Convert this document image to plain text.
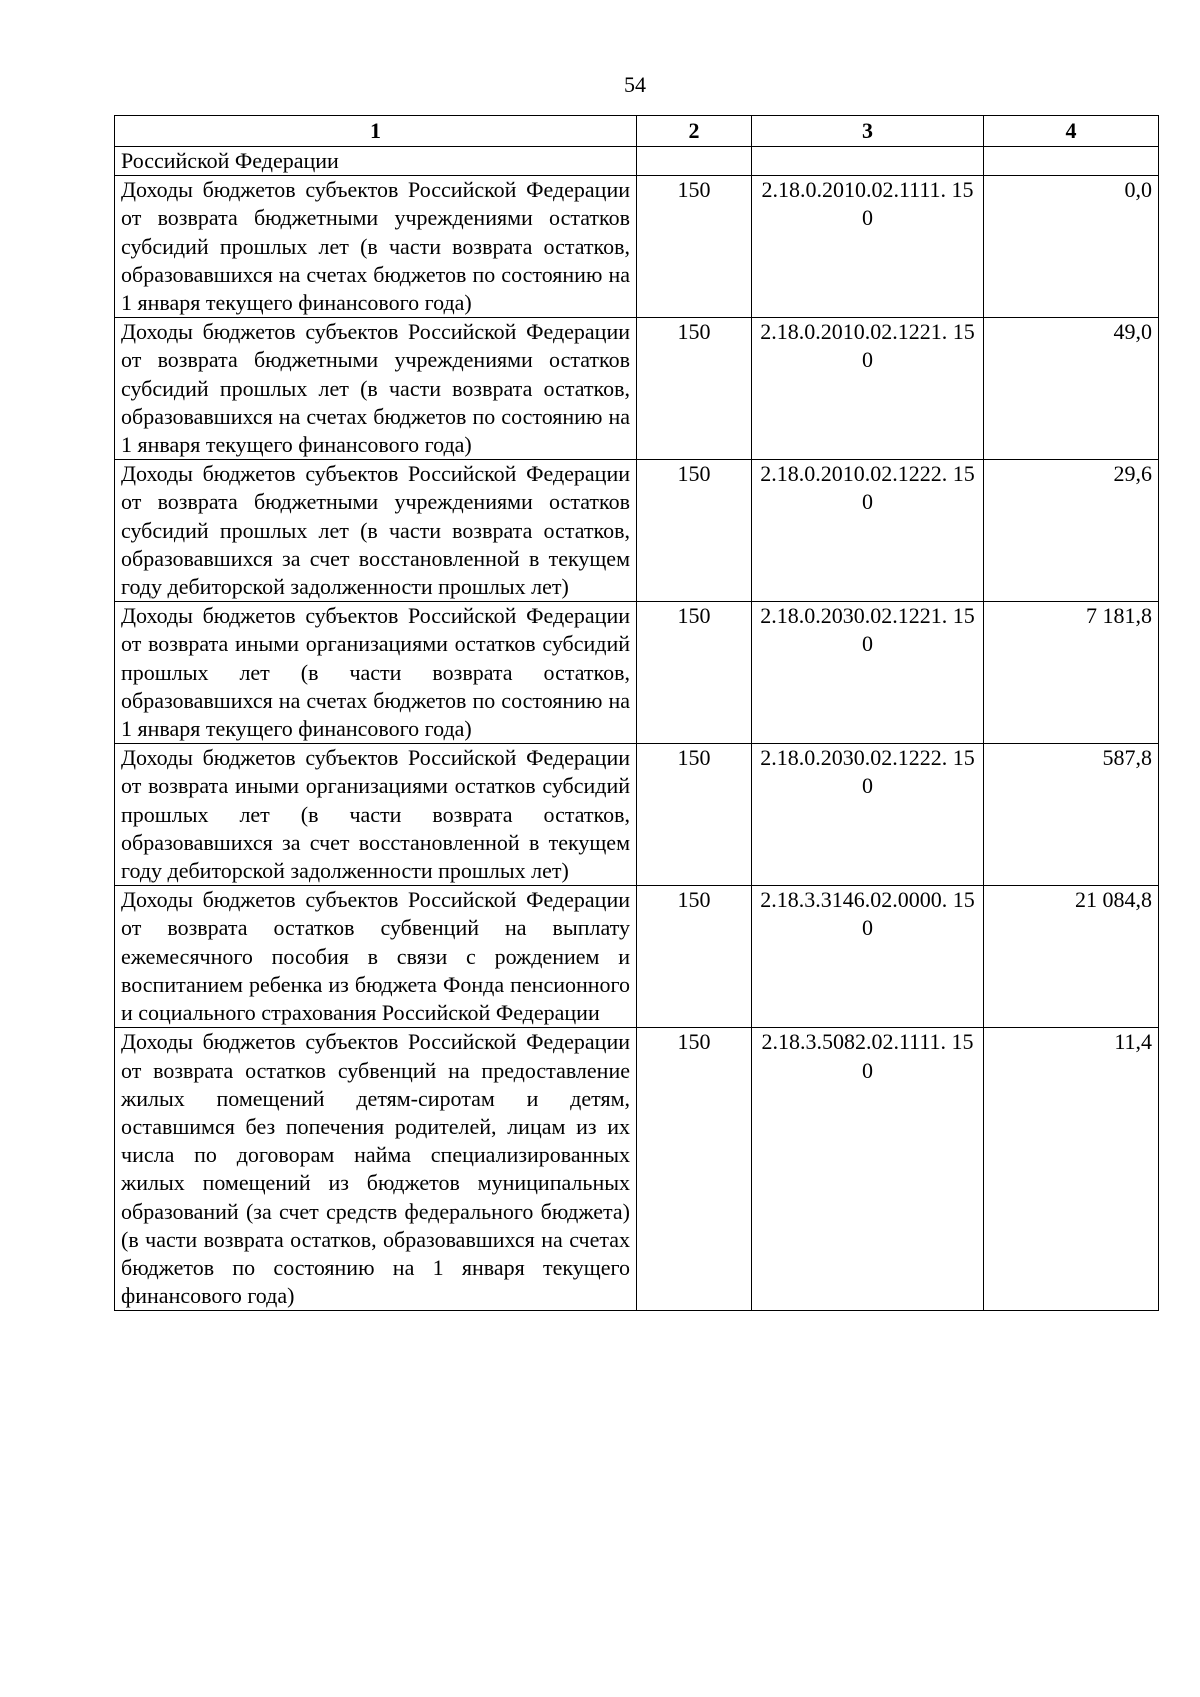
54
1	2	3	4
Российской Федерации			
Доходы бюджетов субъектов Российской Федерации от возврата бюджетными учреждениями остатков субсидий прошлых лет (в части возврата остатков, образовавшихся на счетах бюджетов по состоянию на 1 января текущего финансового года)	150	2.18.0.2010.02.1111. 150	0,0
Доходы бюджетов субъектов Российской Федерации от возврата бюджетными учреждениями остатков субсидий прошлых лет (в части возврата остатков, образовавшихся на счетах бюджетов по состоянию на 1 января текущего финансового года)	150	2.18.0.2010.02.1221. 150	49,0
Доходы бюджетов субъектов Российской Федерации от возврата бюджетными учреждениями остатков субсидий прошлых лет (в части возврата остатков, образовавшихся за счет восстановленной в текущем году дебиторской задолженности прошлых лет)	150	2.18.0.2010.02.1222. 150	29,6
Доходы бюджетов субъектов Российской Федерации от возврата иными организациями остатков субсидий прошлых лет (в части возврата остатков, образовавшихся на счетах бюджетов по состоянию на 1 января текущего финансового года)	150	2.18.0.2030.02.1221. 150	7 181,8
Доходы бюджетов субъектов Российской Федерации от возврата иными организациями остатков субсидий прошлых лет (в части возврата остатков, образовавшихся за счет восстановленной в текущем году дебиторской задолженности прошлых лет)	150	2.18.0.2030.02.1222. 150	587,8
Доходы бюджетов субъектов Российской Федерации от возврата остатков субвенций на выплату ежемесячного пособия в связи с рождением и воспитанием ребенка из бюджета Фонда пенсионного и социального страхования Российской Федерации	150	2.18.3.3146.02.0000. 150	21 084,8
Доходы бюджетов субъектов Российской Федерации от возврата остатков субвенций на предоставление жилых помещений детям-сиротам и детям, оставшимся без попечения родителей, лицам из их числа по договорам найма специализированных жилых помещений из бюджетов муниципальных образований (за счет средств федерального бюджета) (в части возврата остатков, образовавшихся на счетах бюджетов по состоянию на 1 января текущего финансового года)	150	2.18.3.5082.02.1111. 150	11,4
